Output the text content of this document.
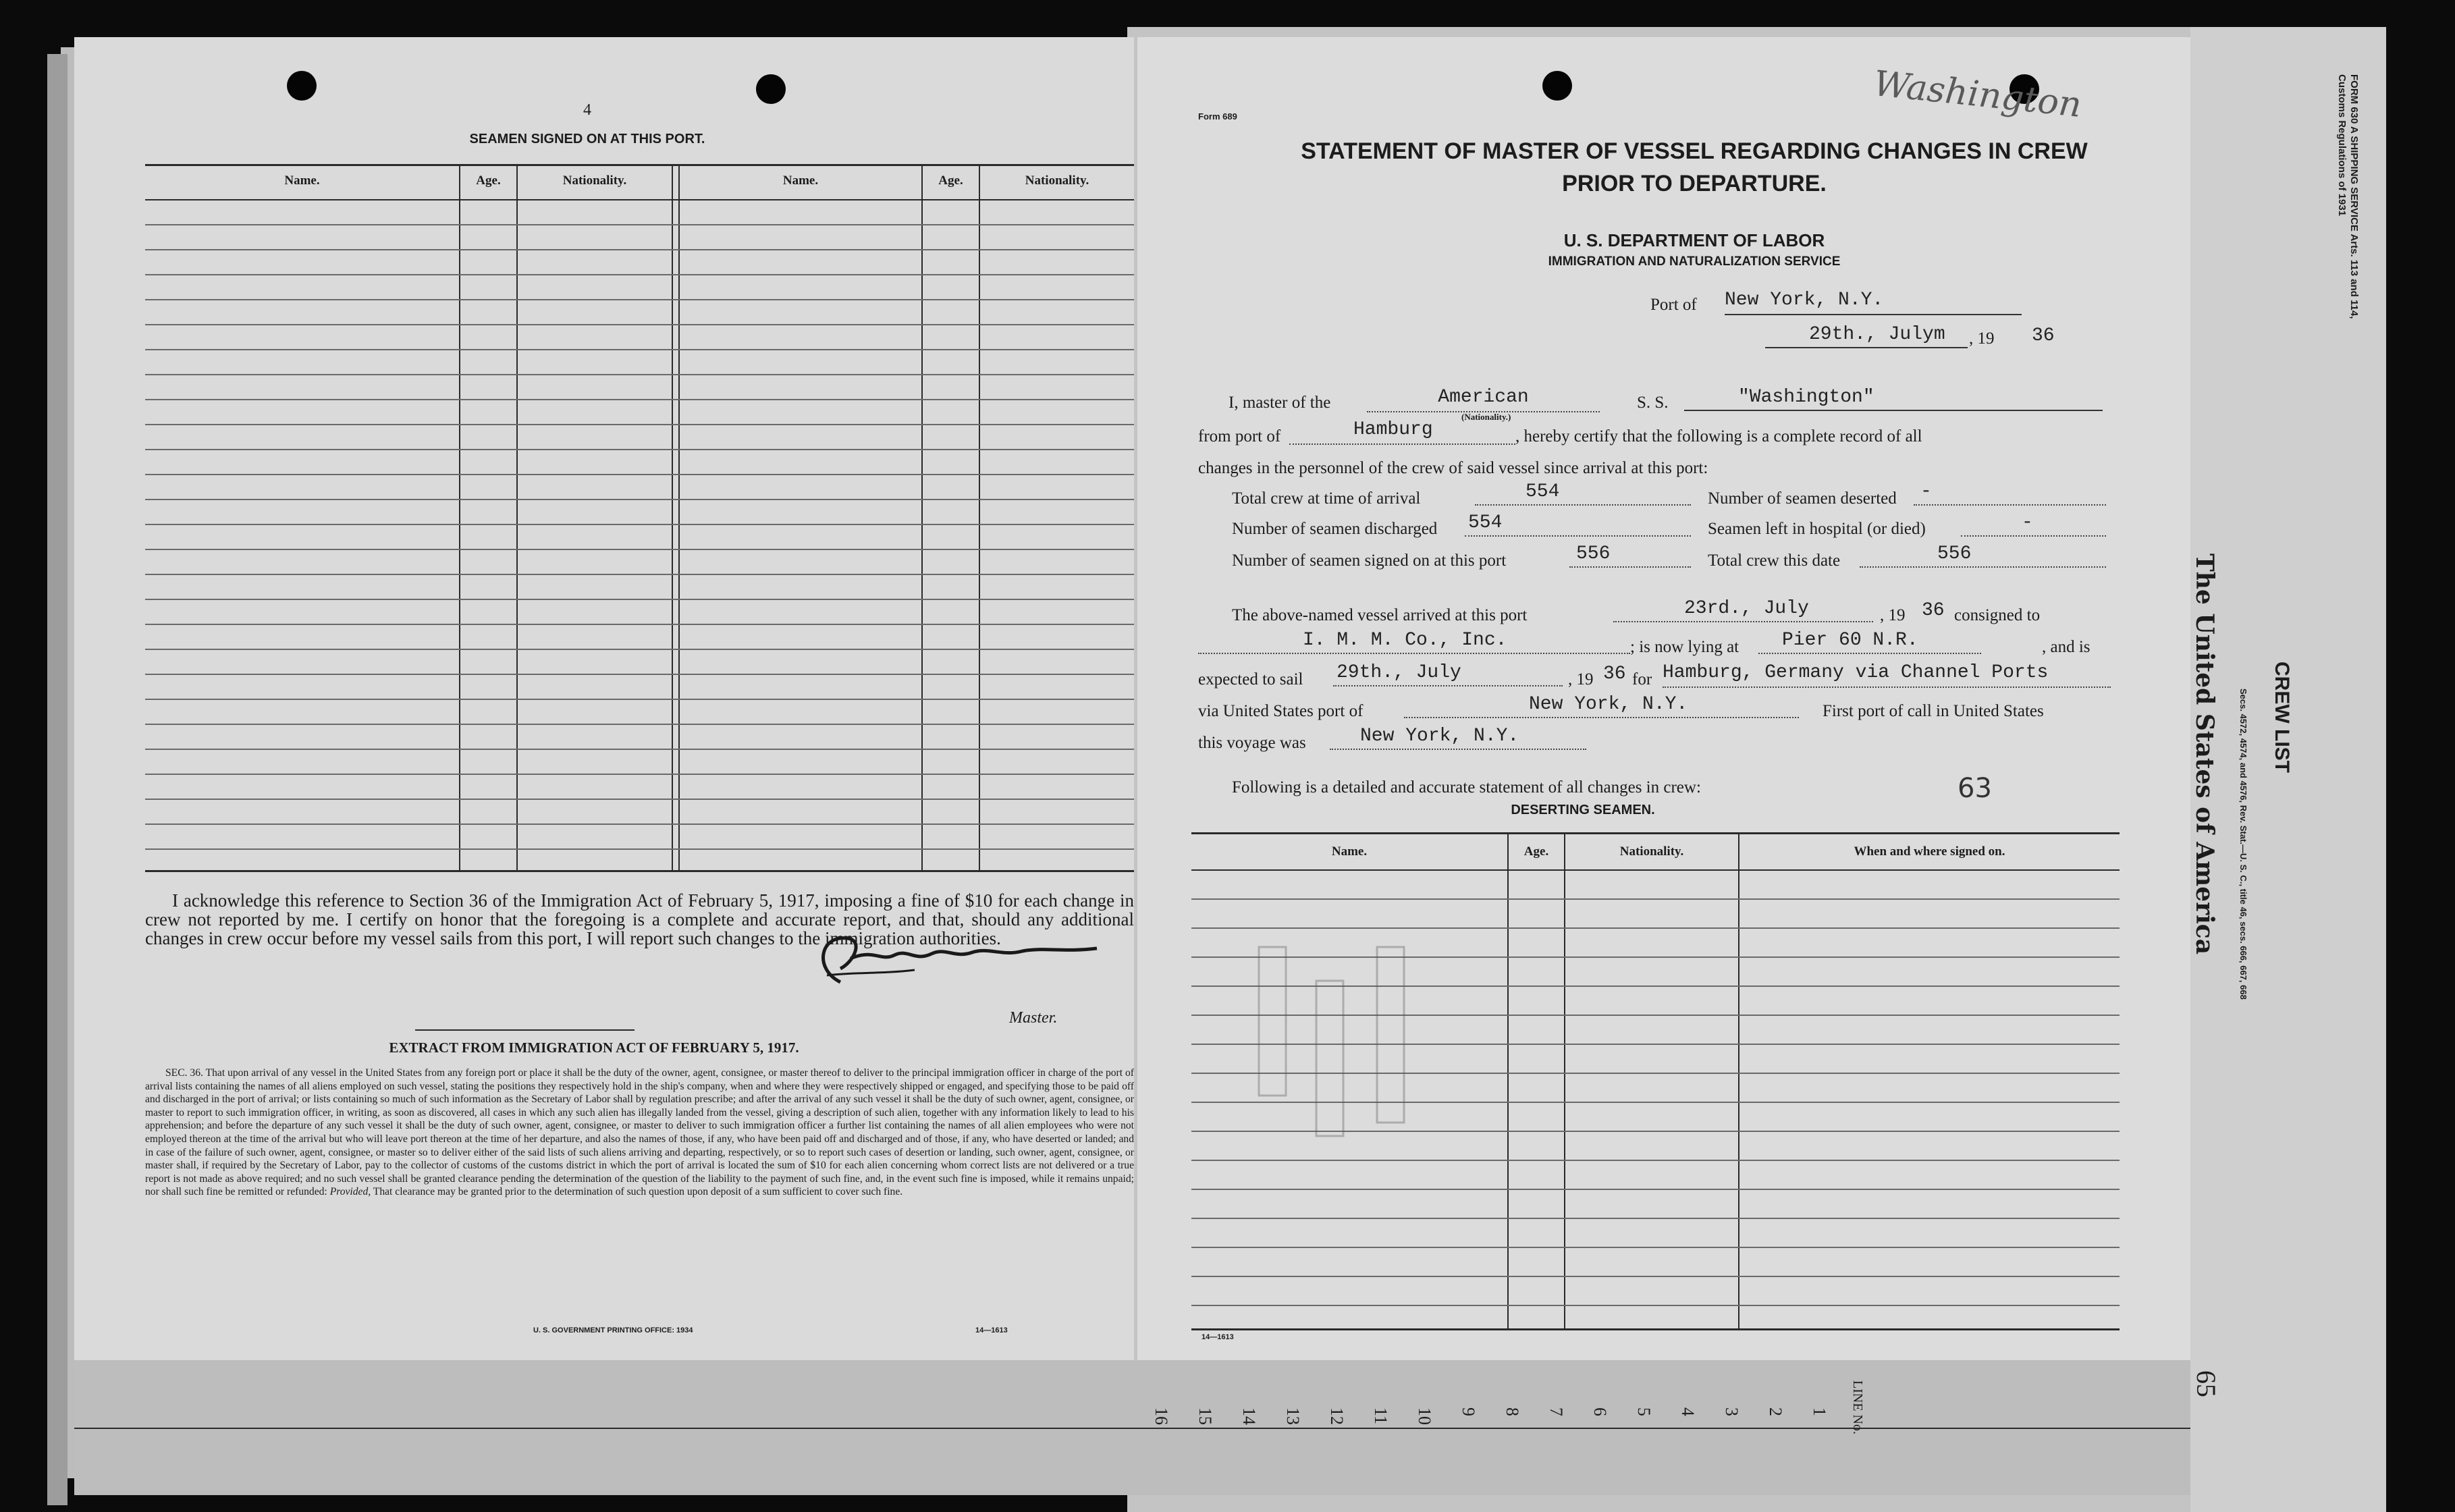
16 15 14 13 12 11 10 9 8 7 6 5 4 3 2 1 LINE No.
4
SEAMEN SIGNED ON AT THIS PORT.
Name.	Age.	Nationality.	Name.	Age.	Nationality.
I acknowledge this reference to Section 36 of the Immigration Act of February 5, 1917, imposing a fine of $10 for each change in crew not reported by me. I certify on honor that the foregoing is a complete and accurate report, and that, should any additional changes in crew occur before my vessel sails from this port, I will report such changes to the immigration authorities.
Master.
EXTRACT FROM IMMIGRATION ACT OF FEBRUARY 5, 1917.
SEC. 36. That upon arrival of any vessel in the United States from any foreign port or place it shall be the duty of the owner, agent, consignee, or master thereof to deliver to the principal immigration officer in charge of the port of arrival lists containing the names of all aliens employed on such vessel, stating the positions they respectively hold in the ship's company, when and where they were respectively shipped or engaged, and specifying those to be paid off and discharged in the port of arrival; or lists containing so much of such information as the Secretary of Labor shall by regulation prescribe; and after the arrival of any such vessel it shall be the duty of such owner, agent, consignee, or master to report to such immigration officer, in writing, as soon as discovered, all cases in which any such alien has illegally landed from the vessel, giving a description of such alien, together with any information likely to lead to his apprehension; and before the departure of any such vessel it shall be the duty of such owner, agent, consignee, or master to deliver to such immigration officer a further list containing the names of all alien employees who were not employed thereon at the time of the arrival but who will leave port thereon at the time of her departure, and also the names of those, if any, who have been paid off and discharged and of those, if any, who have deserted or landed; and in case of the failure of such owner, agent, consignee, or master so to deliver either of the said lists of such aliens arriving and departing, respectively, or so to report such cases of desertion or landing, such owner, agent, consignee, or master shall, if required by the Secretary of Labor, pay to the collector of customs of the customs district in which the port of arrival is located the sum of $10 for each alien concerning whom correct lists are not delivered or a true report is not made as above required; and no such vessel shall be granted clearance pending the determination of the question of the liability to the payment of such fine, and, in the event such fine is imposed, while it remains unpaid; nor shall such fine be remitted or refunded: Provided, That clearance may be granted prior to the determination of such question upon deposit of a sum sufficient to cover such fine.
U. S. GOVERNMENT PRINTING OFFICE: 1934	14—1613
Washington
Form 689
STATEMENT OF MASTER OF VESSEL REGARDING CHANGES IN CREW
PRIOR TO DEPARTURE.
U. S. DEPARTMENT OF LABOR
IMMIGRATION AND NATURALIZATION SERVICE
Port of New York, N.Y.
29th., Julym	, 19 36
I, master of the	American
(Nationality.)
S. S.	"Washington"
from port of	Hamburg	, hereby certify that the following is a complete record of all
changes in the personnel of the crew of said vessel since arrival at this port:
Total crew at time of arrival	554	Number of seamen deserted	-
Number of seamen discharged 554	Seamen left in hospital (or died)	-
Number of seamen signed on at this port	556	Total crew this date	556
The above-named vessel arrived at this port	23rd., July	, 19 36 consigned to
I. M. M. Co., Inc.	; is now lying at	Pier 60 N.R.	, and is
expected to sail 29th., July	, 19 36 for Hamburg, Germany via Channel Ports
via United States port of	New York, N.Y.	First port of call in United States
this voyage was	New York, N.Y.
Following is a detailed and accurate statement of all changes in crew:	63
DESERTING SEAMEN.
Name.	Age.	Nationality.	When and where signed on.
14—1613
FORM 630 A SHIPPING SERVICE Arts. 113 and 114, Customs Regulations of 1931
CREW LIST
Secs. 4572, 4574, and 4576, Rev. Stat.—U. S. C., title 46, secs. 666, 667, 668
The United States of America
65
